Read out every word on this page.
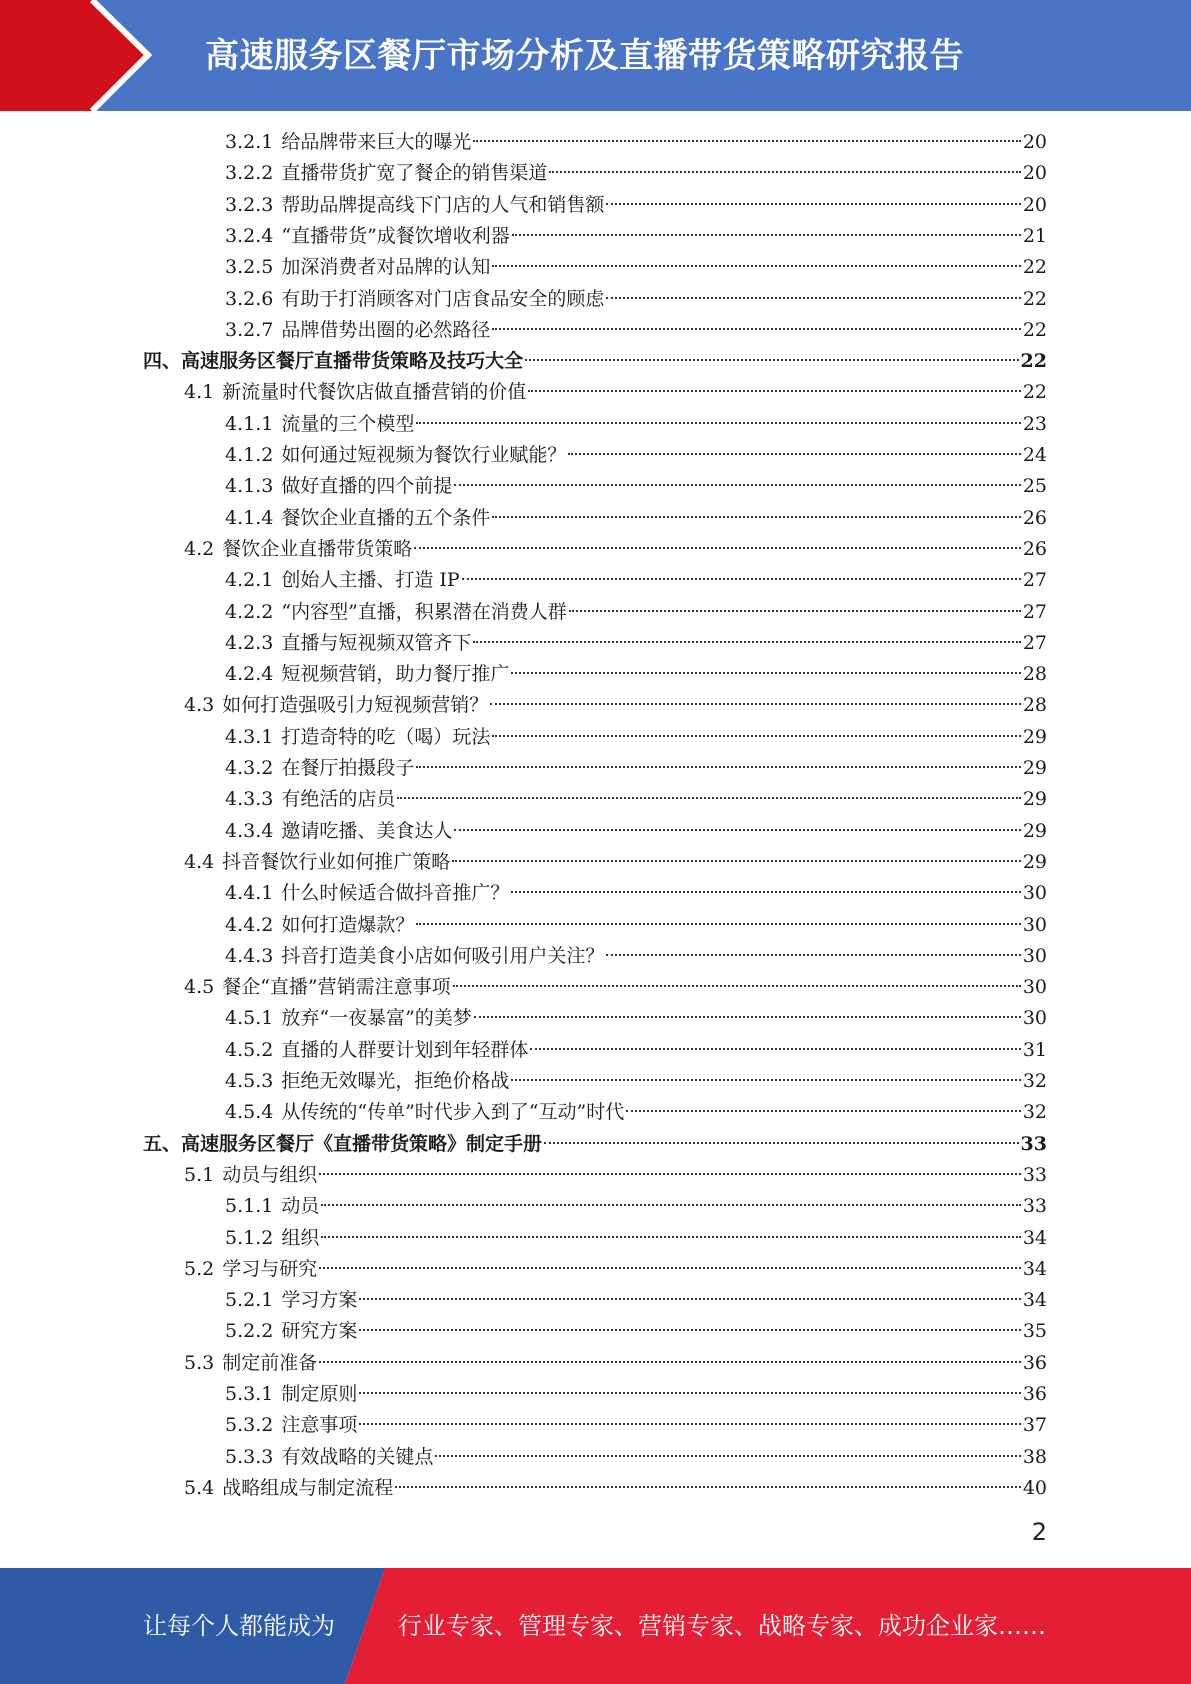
高速服务区餐厅市场分析及直播带货策略研究报告
3.2.1 给品牌带来巨大的曝光	20
3.2.2 直播带货扩宽了餐企的销售渠道	20
3.2.3 帮助品牌提高线下门店的人气和销售额	20
3.2.4 “直播带货”成餐饮增收利器	21
3.2.5 加深消费者对品牌的认知	22
3.2.6 有助于打消顾客对门店食品安全的顾虑	22
3.2.7 品牌借势出圈的必然路径	22
四、高速服务区餐厅直播带货策略及技巧大全	22
4.1 新流量时代餐饮店做直播营销的价值	22
4.1.1 流量的三个模型	23
4.1.2 如何通过短视频为餐饮行业赋能？	24
4.1.3 做好直播的四个前提	25
4.1.4 餐饮企业直播的五个条件	26
4.2 餐饮企业直播带货策略	26
4.2.1 创始人主播、打造 IP	27
4.2.2 “内容型”直播，积累潜在消费人群	27
4.2.3 直播与短视频双管齐下	27
4.2.4 短视频营销，助力餐厅推广	28
4.3 如何打造强吸引力短视频营销？	28
4.3.1 打造奇特的吃（喝）玩法	29
4.3.2 在餐厅拍摄段子	29
4.3.3 有绝活的店员	29
4.3.4 邀请吃播、美食达人	29
4.4 抖音餐饮行业如何推广策略	29
4.4.1 什么时候适合做抖音推广？	30
4.4.2 如何打造爆款？	30
4.4.3 抖音打造美食小店如何吸引用户关注？	30
4.5 餐企“直播”营销需注意事项	30
4.5.1 放弃“一夜暴富”的美梦	30
4.5.2 直播的人群要计划到年轻群体	31
4.5.3 拒绝无效曝光，拒绝价格战	32
4.5.4 从传统的“传单”时代步入到了“互动”时代	32
五、高速服务区餐厅《直播带货策略》制定手册	33
5.1 动员与组织	33
5.1.1 动员	33
5.1.2 组织	34
5.2 学习与研究	34
5.2.1 学习方案	34
5.2.2 研究方案	35
5.3 制定前准备	36
5.3.1 制定原则	36
5.3.2 注意事项	37
5.3.3 有效战略的关键点	38
5.4 战略组成与制定流程	40
2
让每个人都能成为	行业专家、管理专家、营销专家、战略专家、成功企业家……
